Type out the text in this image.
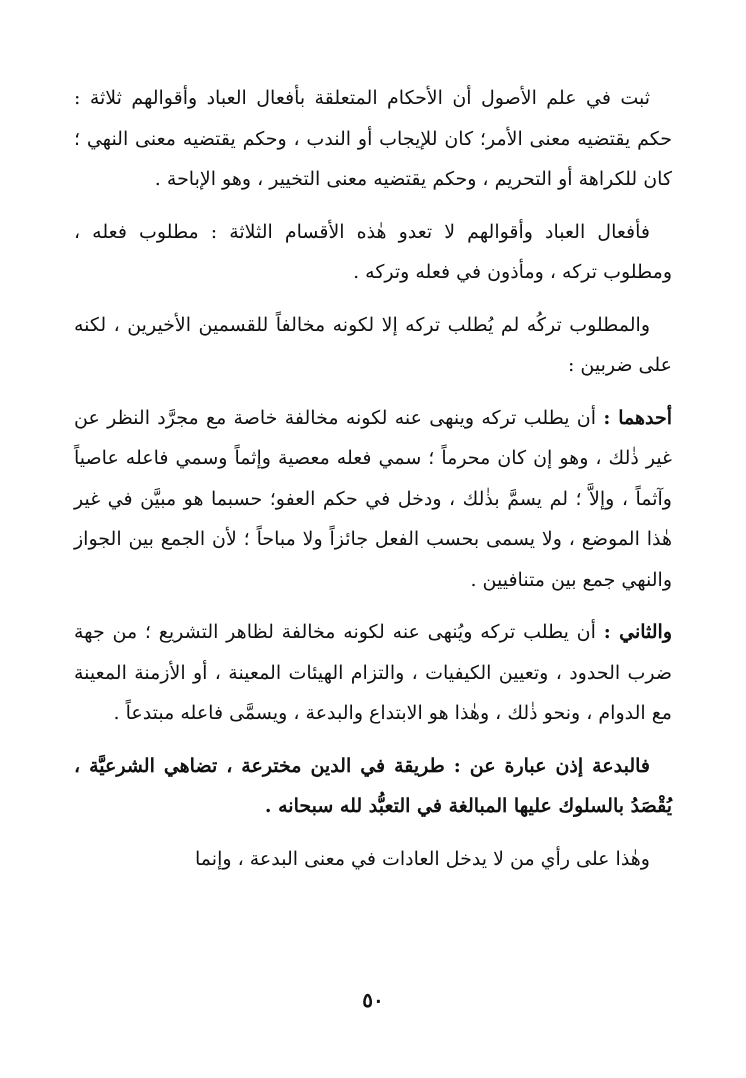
ثبت في علم الأصول أن الأحكام المتعلقة بأفعال العباد وأقوالهم ثلاثة : حكم يقتضيه معنى الأمر؛ كان للإيجاب أو الندب ، وحكم يقتضيه معنى النهي ؛ كان للكراهة أو التحريم ، وحكم يقتضيه معنى التخيير ، وهو الإباحة .

فأفعال العباد وأقوالهم لا تعدو هٰذه الأقسام الثلاثة : مطلوب فعله ، ومطلوب تركه ، ومأذون في فعله وتركه .

والمطلوب تركُه لم يُطلب تركه إلا لكونه مخالفاً للقسمين الأخيرين ، لكنه على ضربين :

أحدهما : أن يطلب تركه وينهى عنه لكونه مخالفة خاصة مع مجرَّد النظر عن غير ذٰلك ، وهو إن كان محرماً ؛ سمي فعله معصية وإثماً وسمي فاعله عاصياً وآثماً ، وإلاَّ ؛ لم يسمَّ بذٰلك ، ودخل في حكم العفو؛ حسبما هو مبيَّن في غير هٰذا الموضع ، ولا يسمى بحسب الفعل جائزاً ولا مباحاً ؛ لأن الجمع بين الجواز والنهي جمع بين متنافيين .

والثاني : أن يطلب تركه ويُنهى عنه لكونه مخالفة لظاهر التشريع ؛ من جهة ضرب الحدود ، وتعيين الكيفيات ، والتزام الهيئات المعينة ، أو الأزمنة المعينة مع الدوام ، ونحو ذٰلك ، وهٰذا هو الابتداع والبدعة ، ويسمَّى فاعله مبتدعاً .

فالبدعة إذن عبارة عن : طريقة في الدين مخترعة ، تضاهي الشرعيَّة ، يُقْصَدُ بالسلوك عليها المبالغة في التعبُّد لله سبحانه .

وهٰذا على رأي من لا يدخل العادات في معنى البدعة ، وإنما

٥٠
